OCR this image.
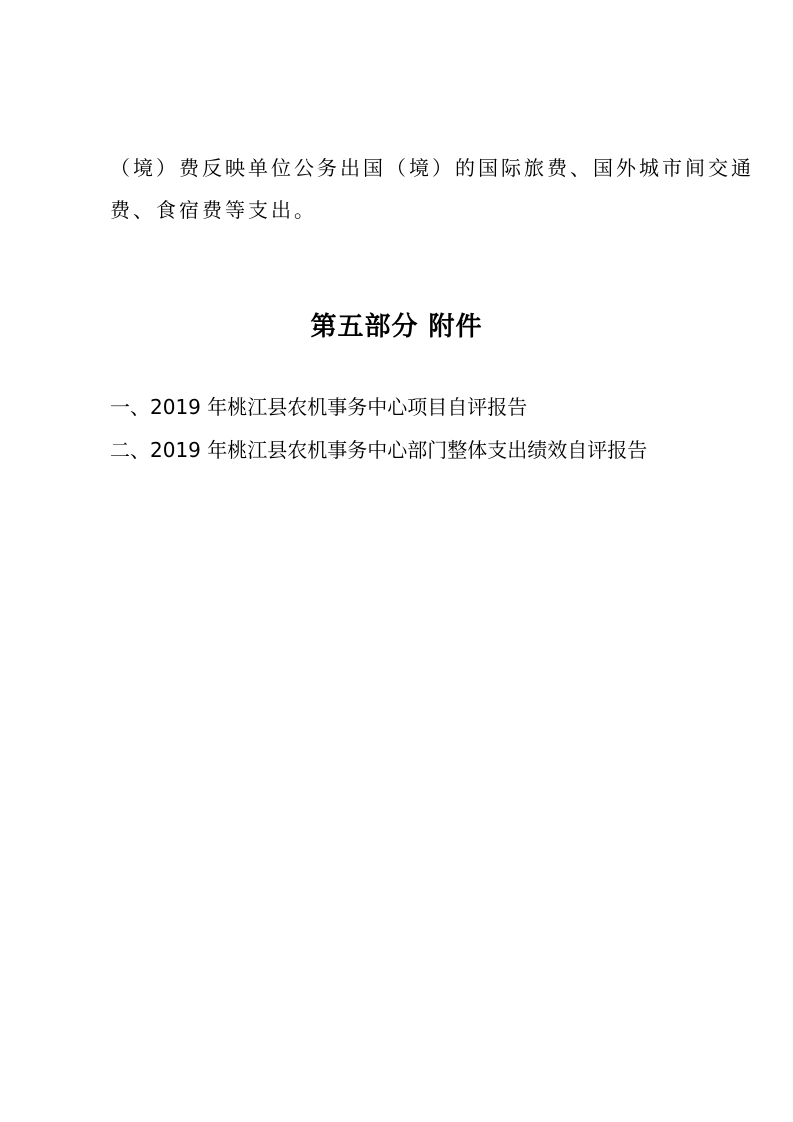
（境）费反映单位公务出国（境）的国际旅费、国外城市间交通
费、食宿费等支出。
第五部分 附件
一、2019 年桃江县农机事务中心项目自评报告
二、2019 年桃江县农机事务中心部门整体支出绩效自评报告
